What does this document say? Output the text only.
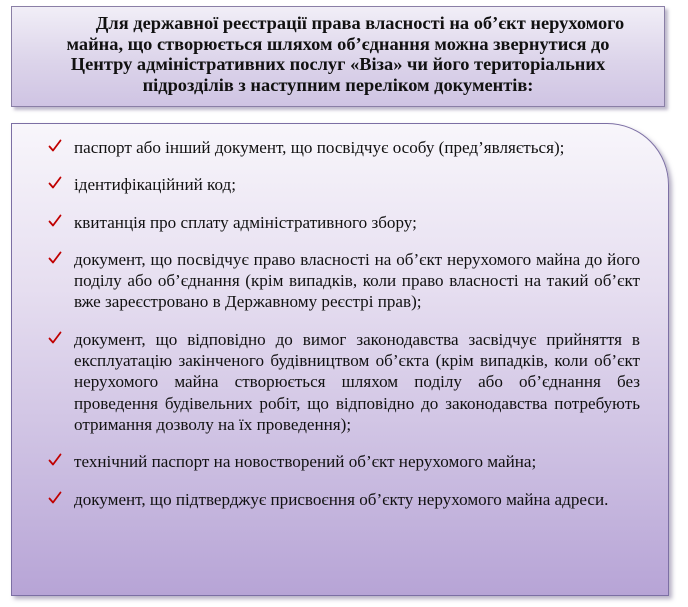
Для державної реєстрації права власності на об’єкт нерухомого майна, що створюється шляхом об’єднання можна звернутися до Центру адміністративних послуг «Віза» чи його територіальних підрозділів з наступним переліком документів:

паспорт або інший документ, що посвідчує особу (пред’являється);
ідентифікаційний код;
квитанція про сплату адміністративного збору;
документ, що посвідчує право власності на об’єкт нерухомого майна до його поділу або об’єднання (крім випадків, коли право власності на такий об’єкт вже зареєстровано в Державному реєстрі прав);
документ, що відповідно до вимог законодавства засвідчує прийняття в експлуатацію закінченого будівництвом об’єкта (крім випадків, коли об’єкт нерухомого майна створюється шляхом поділу або об’єднання без проведення будівельних робіт, що відповідно до законодавства потребують отримання дозволу на їх проведення);
технічний паспорт на новостворений об’єкт нерухомого майна;
документ, що підтверджує присвоєння об’єкту нерухомого майна адреси.
